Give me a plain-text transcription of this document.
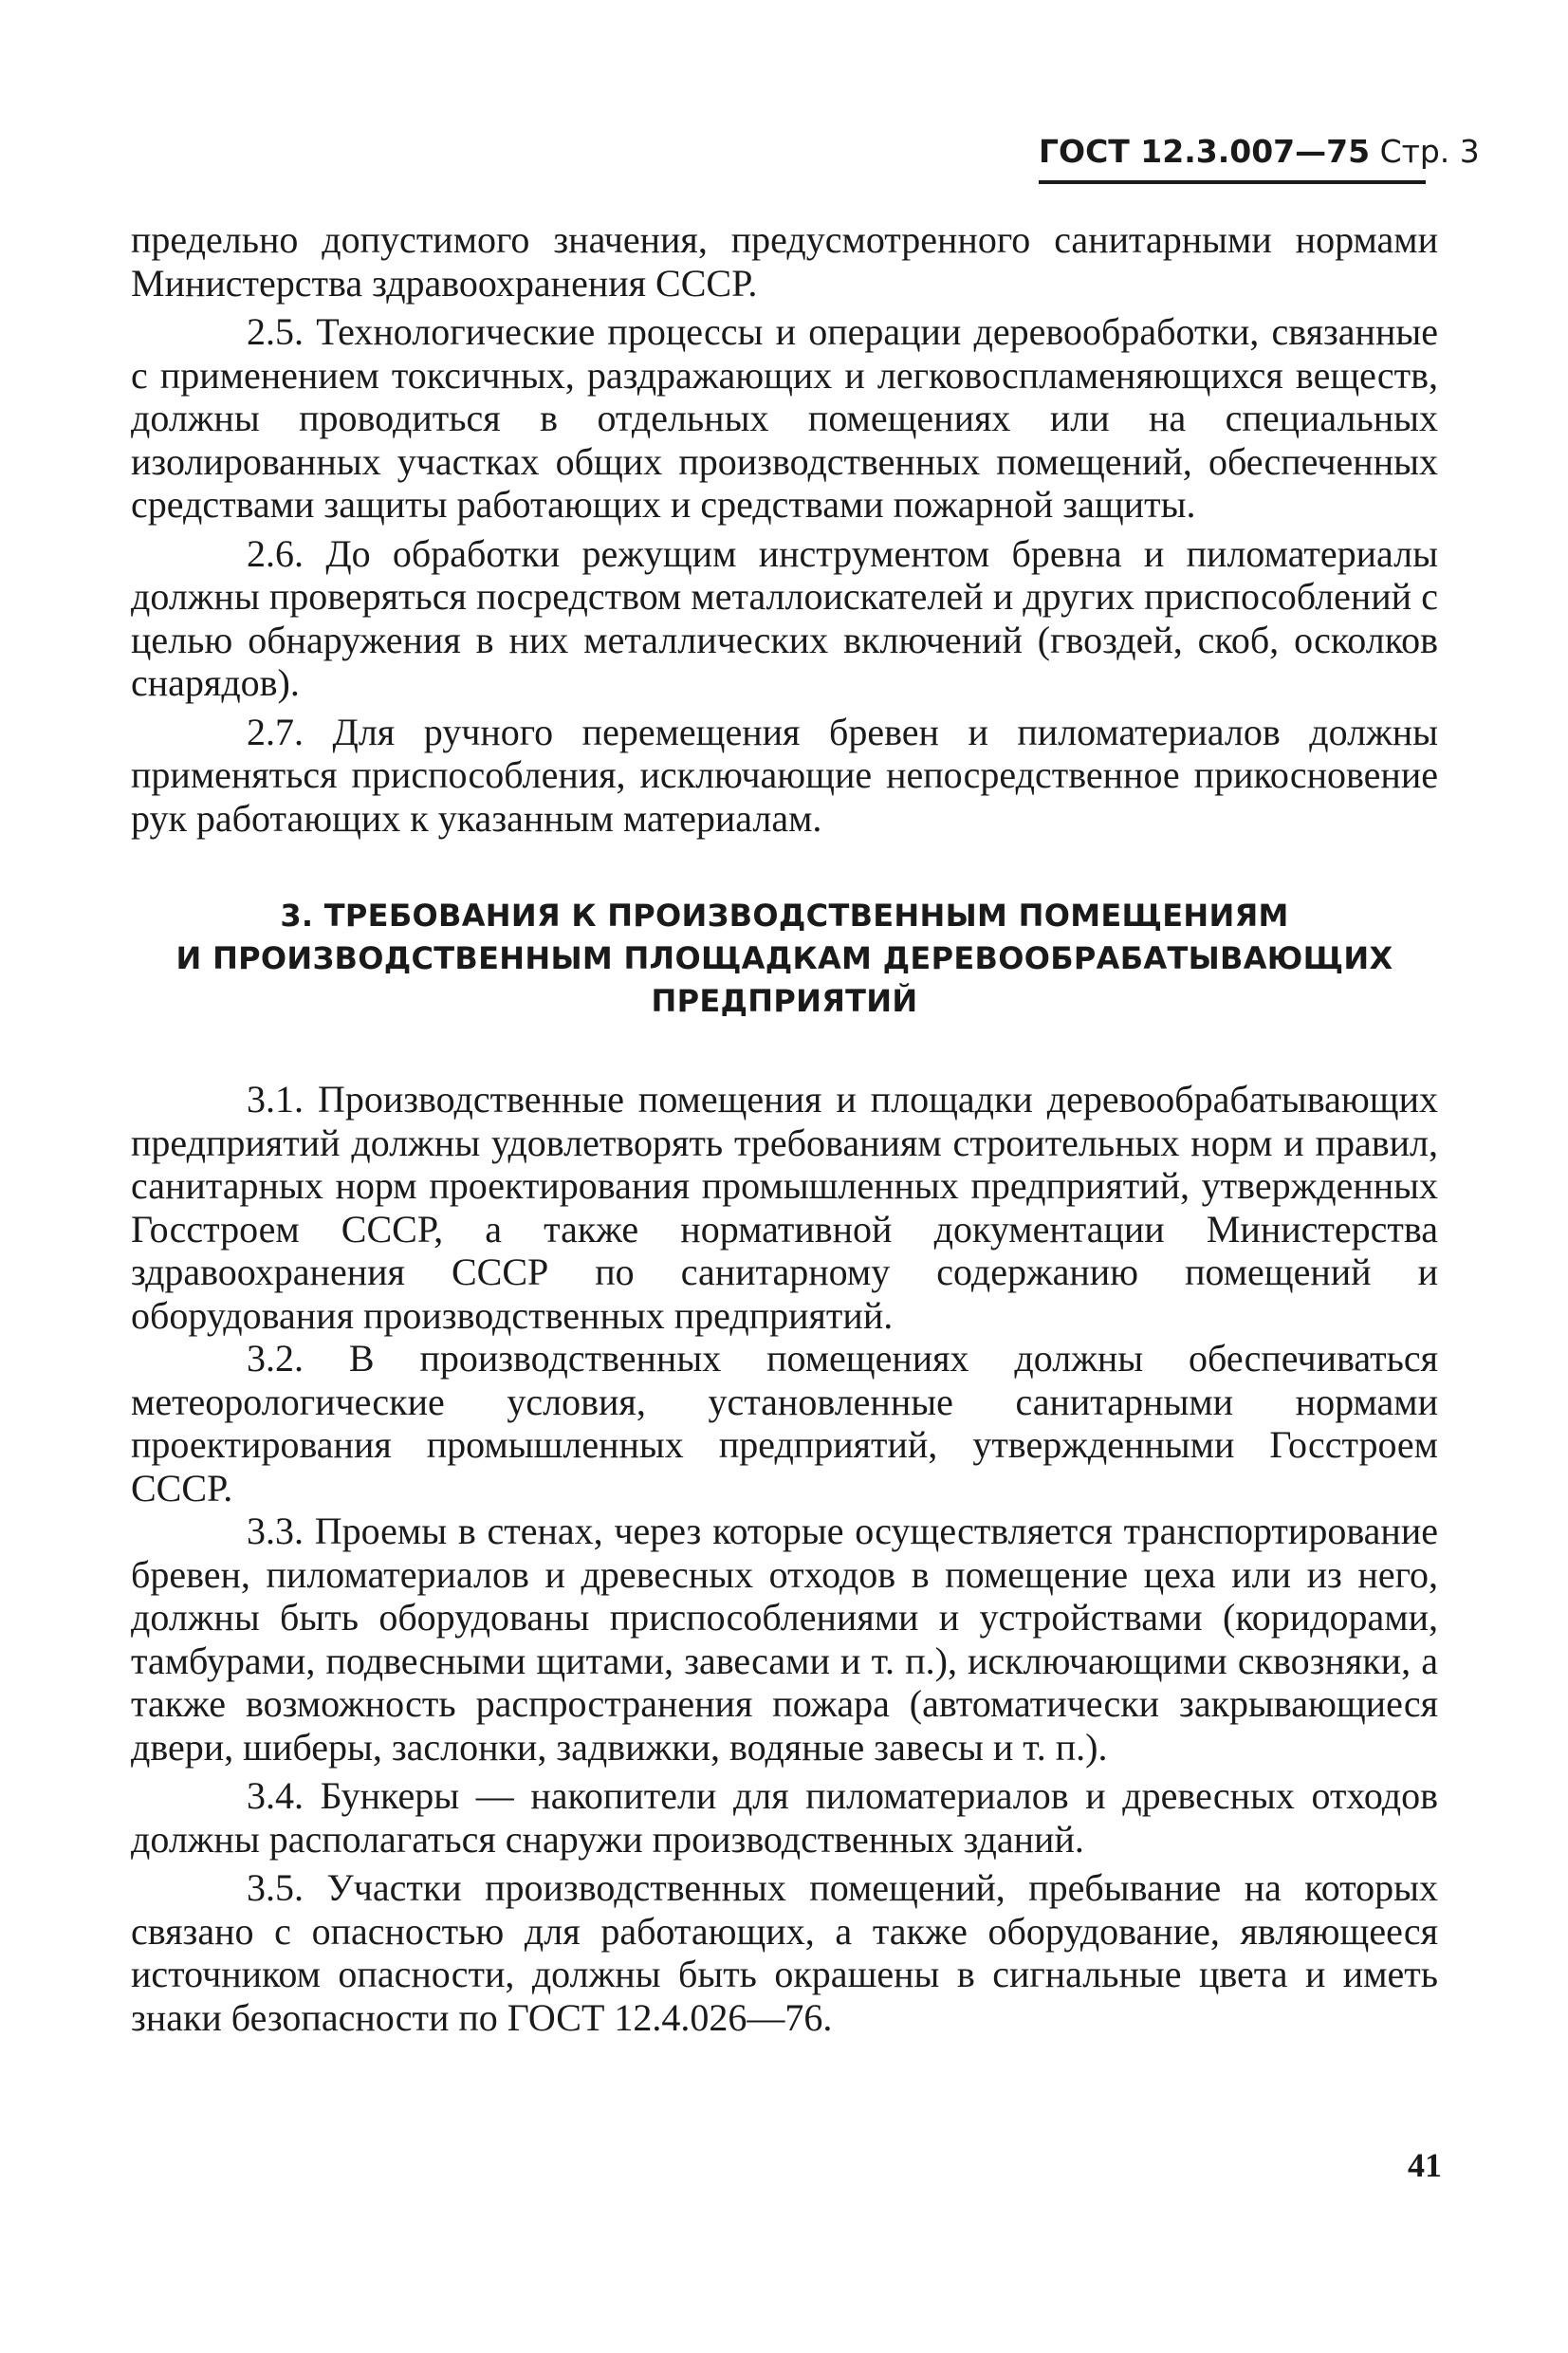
ГОСТ 12.3.007—75 Стр. 3

предельно допустимого значения, предусмотренного санитарными нормами Министерства здравоохранения СССР.

2.5. Технологические процессы и операции деревообработки, связанные с применением токсичных, раздражающих и легковоспламеняющихся веществ, должны проводиться в отдельных помещениях или на специальных изолированных участках общих производственных помещений, обеспеченных средствами защиты работающих и средствами пожарной защиты.

2.6. До обработки режущим инструментом бревна и пиломатериалы должны проверяться посредством металлоискателей и других приспособлений с целью обнаружения в них металлических включений (гвоздей, скоб, осколков снарядов).

2.7. Для ручного перемещения бревен и пиломатериалов должны применяться приспособления, исключающие непосредственное прикосновение рук работающих к указанным материалам.

3. ТРЕБОВАНИЯ К ПРОИЗВОДСТВЕННЫМ ПОМЕЩЕНИЯМ
И ПРОИЗВОДСТВЕННЫМ ПЛОЩАДКАМ ДЕРЕВООБРАБАТЫВАЮЩИХ
ПРЕДПРИЯТИЙ

3.1. Производственные помещения и площадки деревообрабатывающих предприятий должны удовлетворять требованиям строительных норм и правил, санитарных норм проектирования промышленных предприятий, утвержденных Госстроем СССР, а также нормативной документации Министерства здравоохранения СССР по санитарному содержанию помещений и оборудования производственных предприятий.

3.2. В производственных помещениях должны обеспечиваться метеорологические условия, установленные санитарными нормами проектирования промышленных предприятий, утвержденными Госстроем СССР.

3.3. Проемы в стенах, через которые осуществляется транспортирование бревен, пиломатериалов и древесных отходов в помещение цеха или из него, должны быть оборудованы приспособлениями и устройствами (коридорами, тамбурами, подвесными щитами, завесами и т. п.), исключающими сквозняки, а также возможность распространения пожара (автоматически закрывающиеся двери, шиберы, заслонки, задвижки, водяные завесы и т. п.).

3.4. Бункеры — накопители для пиломатериалов и древесных отходов должны располагаться снаружи производственных зданий.

3.5. Участки производственных помещений, пребывание на которых связано с опасностью для работающих, а также оборудование, являющееся источником опасности, должны быть окрашены в сигнальные цвета и иметь знаки безопасности по ГОСТ 12.4.026—76.

41
